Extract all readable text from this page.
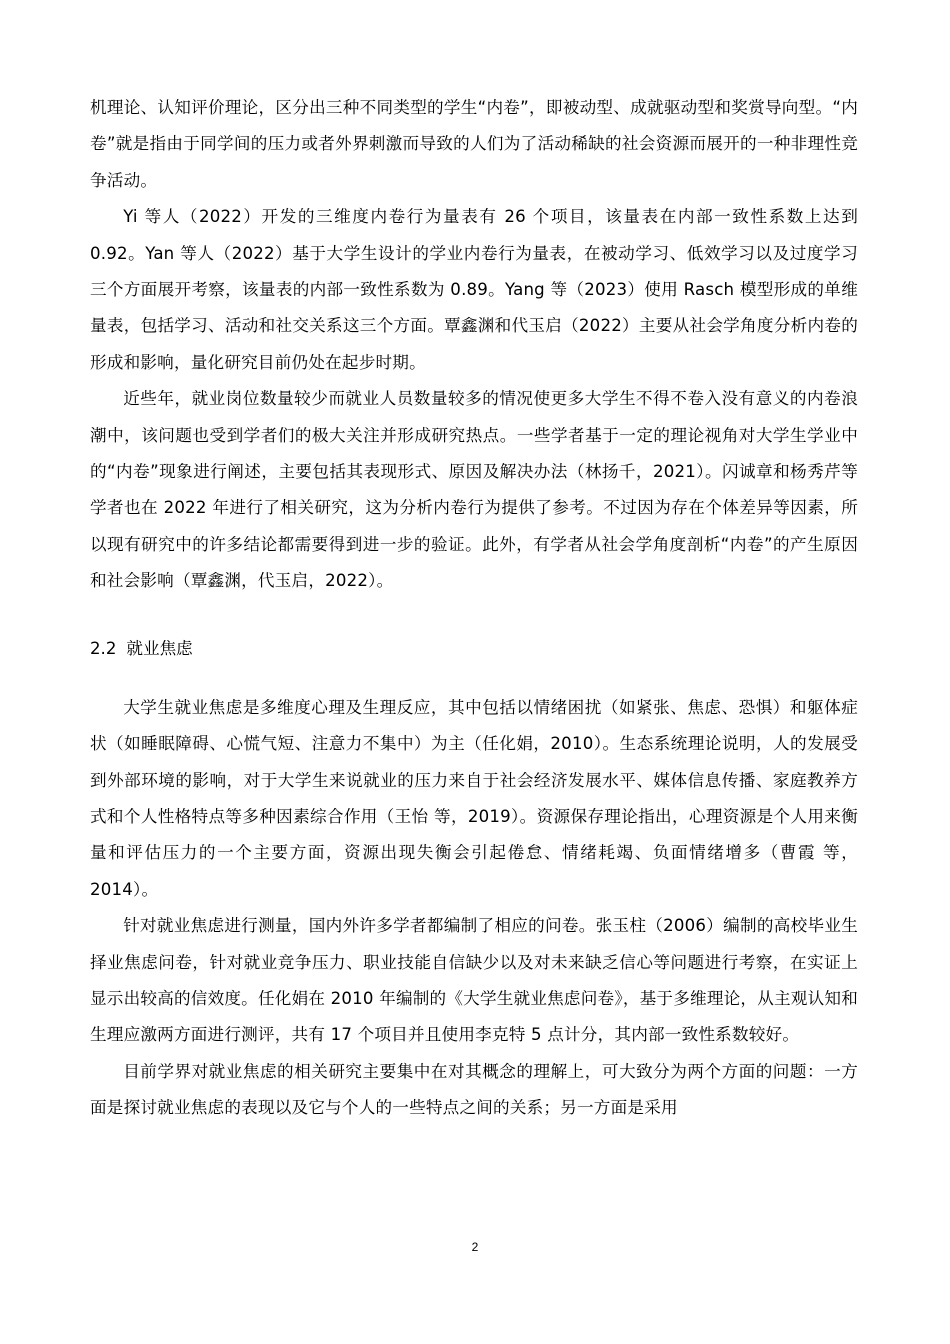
机理论、认知评价理论，区分出三种不同类型的学生“内卷”，即被动型、成就驱动型和奖赏导向型。“内卷”就是指由于同学间的压力或者外界刺激而导致的人们为了活动稀缺的社会资源而展开的一种非理性竞争活动。

Yi 等人（2022）开发的三维度内卷行为量表有 26 个项目，该量表在内部一致性系数上达到 0.92。Yan 等人（2022）基于大学生设计的学业内卷行为量表，在被动学习、低效学习以及过度学习三个方面展开考察，该量表的内部一致性系数为 0.89。Yang 等（2023）使用 Rasch 模型形成的单维量表，包括学习、活动和社交关系这三个方面。覃鑫渊和代玉启（2022）主要从社会学角度分析内卷的形成和影响，量化研究目前仍处在起步时期。

近些年，就业岗位数量较少而就业人员数量较多的情况使更多大学生不得不卷入没有意义的内卷浪潮中，该问题也受到学者们的极大关注并形成研究热点。一些学者基于一定的理论视角对大学生学业中的“内卷”现象进行阐述，主要包括其表现形式、原因及解决办法（林扬千，2021）。闪诚章和杨秀芹等学者也在 2022 年进行了相关研究，这为分析内卷行为提供了参考。不过因为存在个体差异等因素，所以现有研究中的许多结论都需要得到进一步的验证。此外，有学者从社会学角度剖析“内卷”的产生原因和社会影响（覃鑫渊，代玉启，2022）。

2.2 就业焦虑

大学生就业焦虑是多维度心理及生理反应，其中包括以情绪困扰（如紧张、焦虑、恐惧）和躯体症状（如睡眠障碍、心慌气短、注意力不集中）为主（任化娟，2010）。生态系统理论说明，人的发展受到外部环境的影响，对于大学生来说就业的压力来自于社会经济发展水平、媒体信息传播、家庭教养方式和个人性格特点等多种因素综合作用（王怡 等，2019）。资源保存理论指出，心理资源是个人用来衡量和评估压力的一个主要方面，资源出现失衡会引起倦怠、情绪耗竭、负面情绪增多（曹霞 等，2014）。

针对就业焦虑进行测量，国内外许多学者都编制了相应的问卷。张玉柱（2006）编制的高校毕业生择业焦虑问卷，针对就业竞争压力、职业技能自信缺少以及对未来缺乏信心等问题进行考察，在实证上显示出较高的信效度。任化娟在 2010 年编制的《大学生就业焦虑问卷》，基于多维理论，从主观认知和生理应激两方面进行测评，共有 17 个项目并且使用李克特 5 点计分，其内部一致性系数较好。

目前学界对就业焦虑的相关研究主要集中在对其概念的理解上，可大致分为两个方面的问题：一方面是探讨就业焦虑的表现以及它与个人的一些特点之间的关系；另一方面是采用

2
